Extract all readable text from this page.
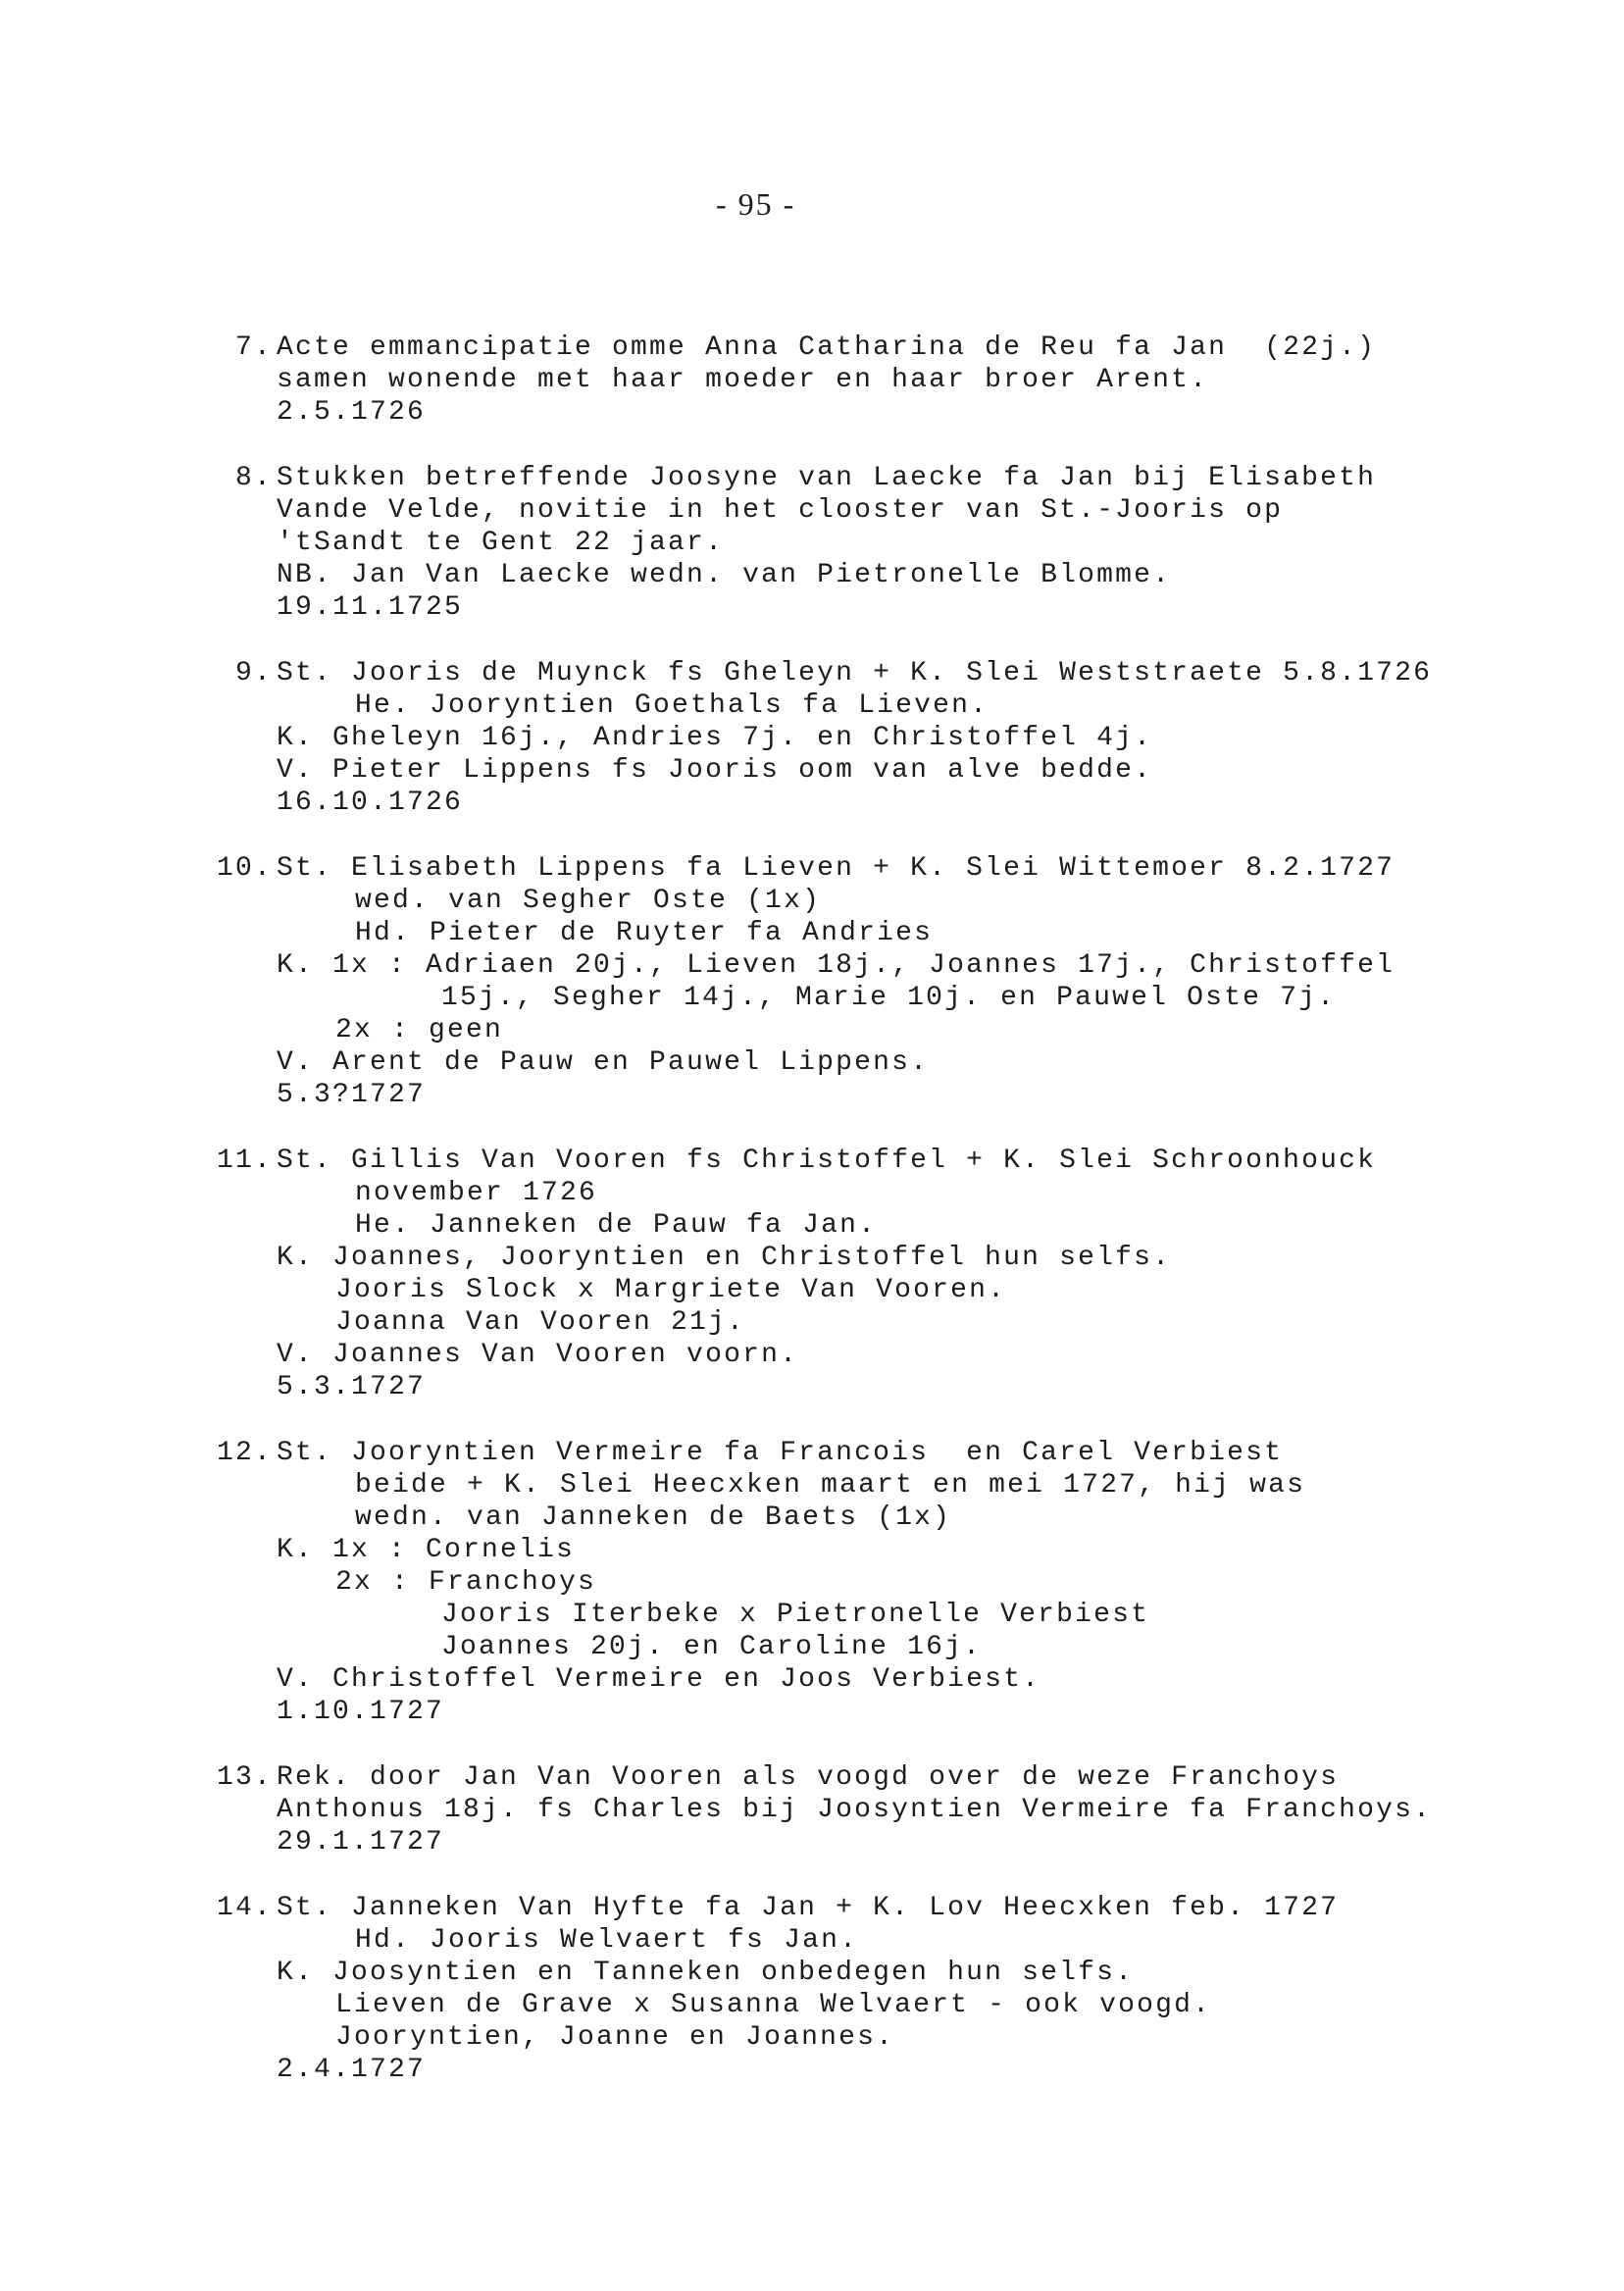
- 95 -
7. Acte emmancipatie omme Anna Catharina de Reu fa Jan  (22j.)
samen wonende met haar moeder en haar broer Arent.
2.5.1726
8. Stukken betreffende Joosyne van Laecke fa Jan bij Elisabeth
Vande Velde, novitie in het clooster van St.-Jooris op
'tSandt te Gent 22 jaar.
NB. Jan Van Laecke wedn. van Pietronelle Blomme.
19.11.1725
9. St. Jooris de Muynck fs Gheleyn + K. Slei Weststraete 5.8.1726
He. Jooryntien Goethals fa Lieven.
K. Gheleyn 16j., Andries 7j. en Christoffel 4j.
V. Pieter Lippens fs Jooris oom van alve bedde.
16.10.1726
10. St. Elisabeth Lippens fa Lieven + K. Slei Wittemoer 8.2.1727
wed. van Segher Oste (1x)
Hd. Pieter de Ruyter fa Andries
K. 1x : Adriaen 20j., Lieven 18j., Joannes 17j., Christoffel
15j., Segher 14j., Marie 10j. en Pauwel Oste 7j.
2x : geen
V. Arent de Pauw en Pauwel Lippens.
5.3?1727
11. St. Gillis Van Vooren fs Christoffel + K. Slei Schroonhouck
november 1726
He. Janneken de Pauw fa Jan.
K. Joannes, Jooryntien en Christoffel hun selfs.
Jooris Slock x Margriete Van Vooren.
Joanna Van Vooren 21j.
V. Joannes Van Vooren voorn.
5.3.1727
12. St. Jooryntien Vermeire fa Francois  en Carel Verbiest
beide + K. Slei Heecxken maart en mei 1727, hij was
wedn. van Janneken de Baets (1x)
K. 1x : Cornelis
2x : Franchoys
Jooris Iterbeke x Pietronelle Verbiest
Joannes 20j. en Caroline 16j.
V. Christoffel Vermeire en Joos Verbiest.
1.10.1727
13. Rek. door Jan Van Vooren als voogd over de weze Franchoys
Anthonus 18j. fs Charles bij Joosyntien Vermeire fa Franchoys.
29.1.1727
14. St. Janneken Van Hyfte fa Jan + K. Lov Heecxken feb. 1727
Hd. Jooris Welvaert fs Jan.
K. Joosyntien en Tanneken onbedegen hun selfs.
Lieven de Grave x Susanna Welvaert - ook voogd.
Jooryntien, Joanne en Joannes.
2.4.1727
